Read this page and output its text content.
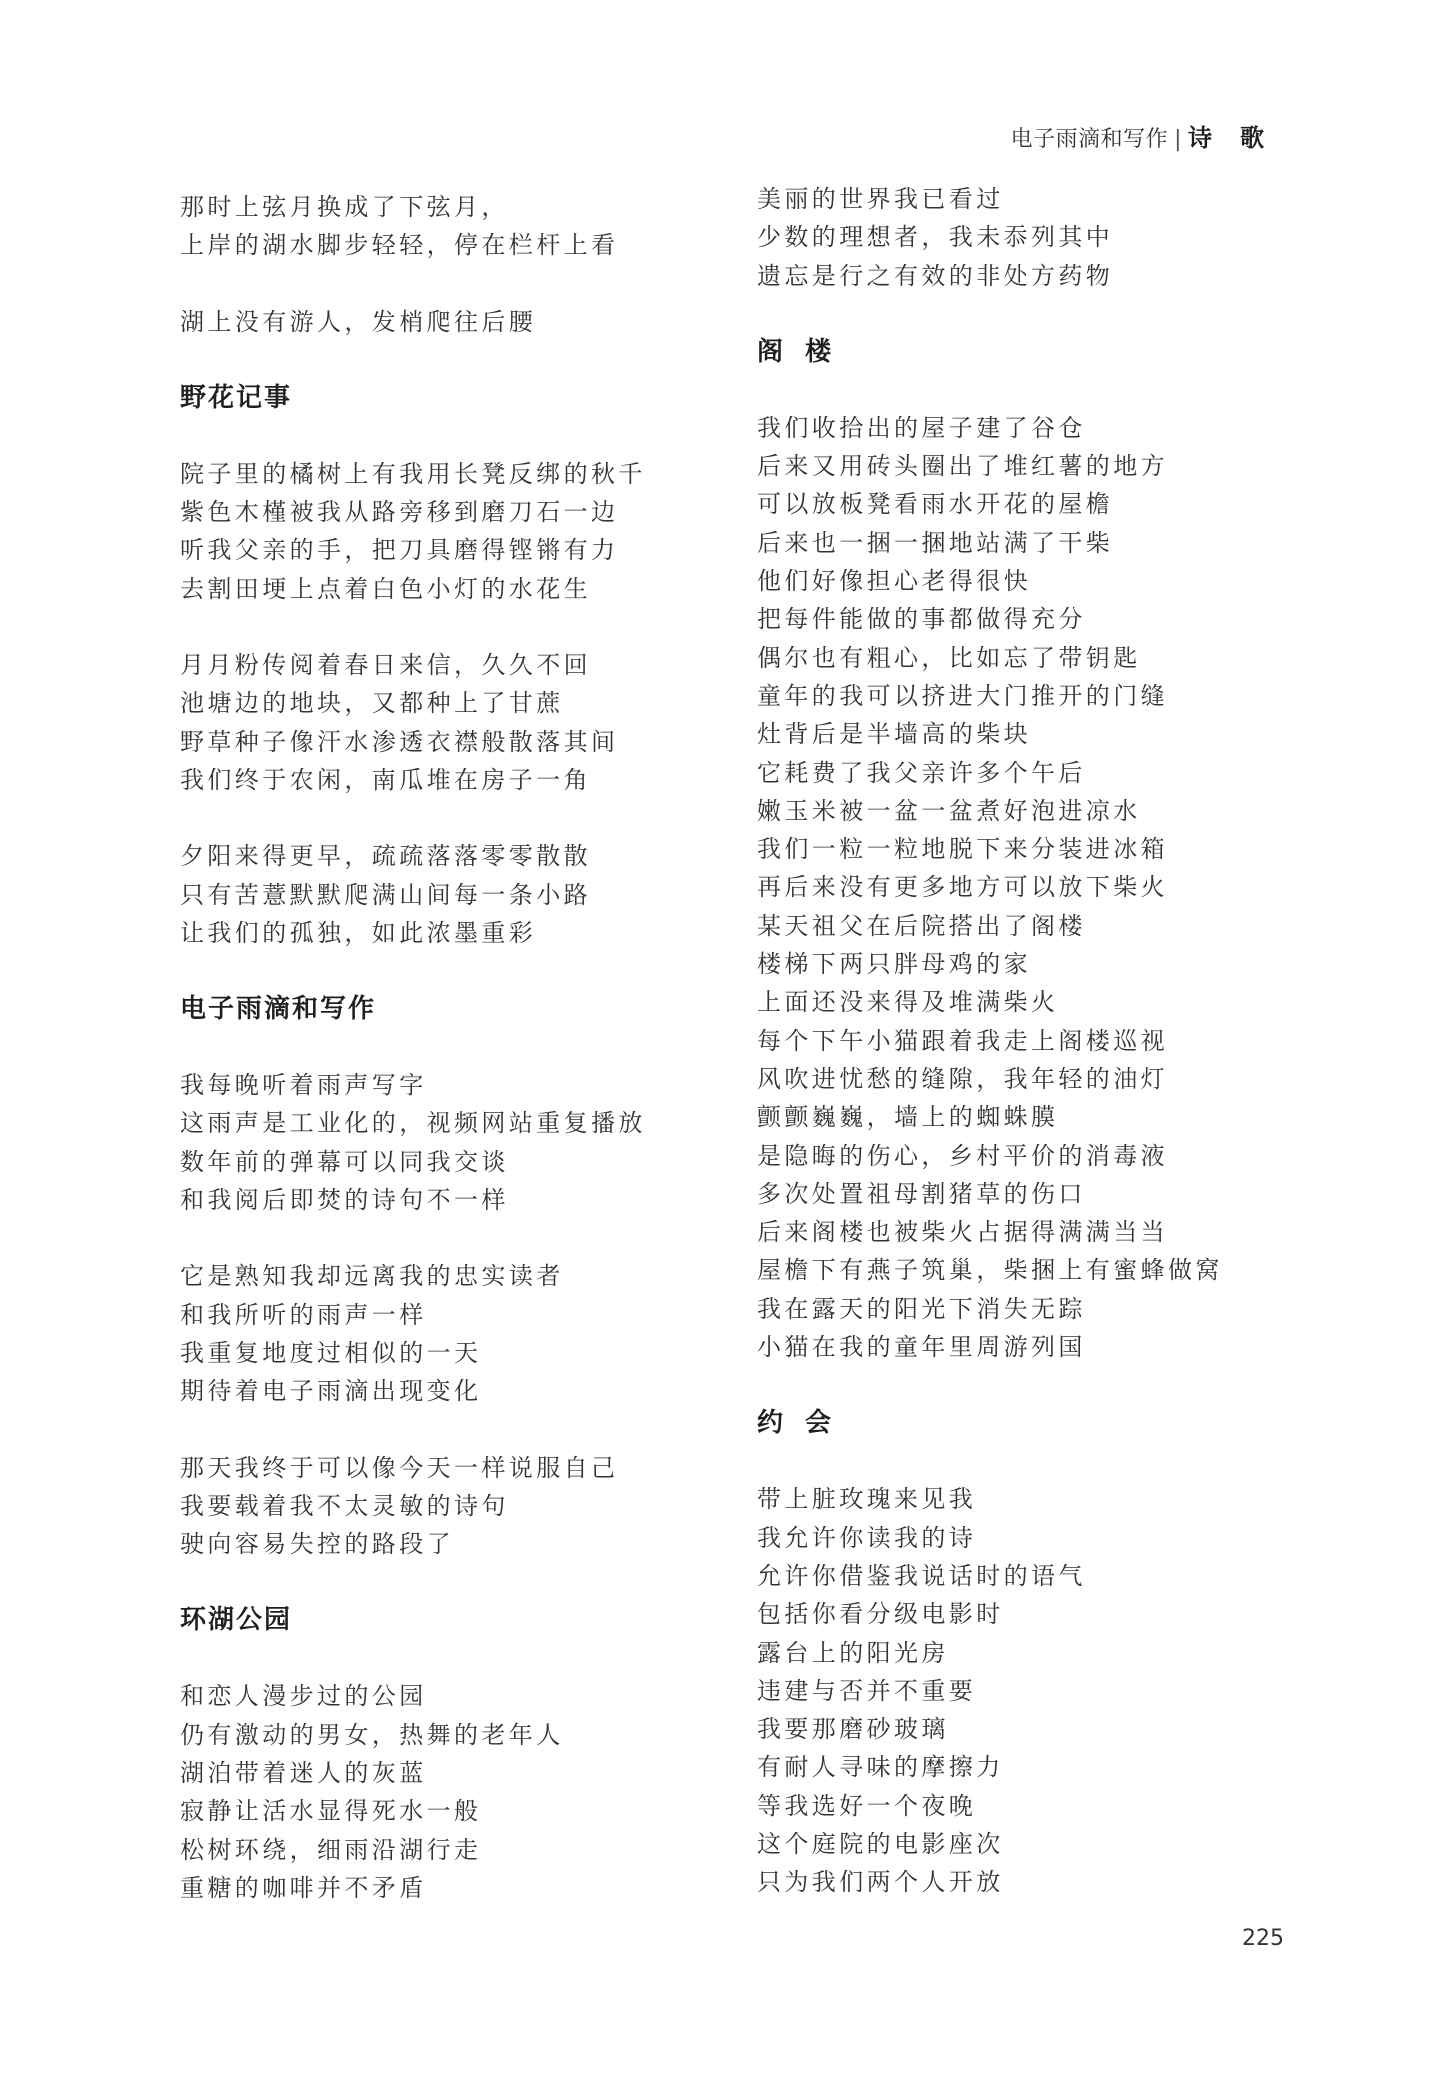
电子雨滴和写作 | 诗歌
那时上弦月换成了下弦月，
上岸的湖水脚步轻轻，停在栏杆上看
湖上没有游人，发梢爬往后腰
野花记事
院子里的橘树上有我用长凳反绑的秋千
紫色木槿被我从路旁移到磨刀石一边
听我父亲的手，把刀具磨得铿锵有力
去割田埂上点着白色小灯的水花生
月月粉传阅着春日来信，久久不回
池塘边的地块，又都种上了甘蔗
野草种子像汗水渗透衣襟般散落其间
我们终于农闲，南瓜堆在房子一角
夕阳来得更早，疏疏落落零零散散
只有苦薏默默爬满山间每一条小路
让我们的孤独，如此浓墨重彩
电子雨滴和写作
我每晚听着雨声写字
这雨声是工业化的，视频网站重复播放
数年前的弹幕可以同我交谈
和我阅后即焚的诗句不一样
它是熟知我却远离我的忠实读者
和我所听的雨声一样
我重复地度过相似的一天
期待着电子雨滴出现变化
那天我终于可以像今天一样说服自己
我要载着我不太灵敏的诗句
驶向容易失控的路段了
环湖公园
和恋人漫步过的公园
仍有激动的男女，热舞的老年人
湖泊带着迷人的灰蓝
寂静让活水显得死水一般
松树环绕，细雨沿湖行走
重糖的咖啡并不矛盾
美丽的世界我已看过
少数的理想者，我未忝列其中
遗忘是行之有效的非处方药物
阁楼
我们收拾出的屋子建了谷仓
后来又用砖头圈出了堆红薯的地方
可以放板凳看雨水开花的屋檐
后来也一捆一捆地站满了干柴
他们好像担心老得很快
把每件能做的事都做得充分
偶尔也有粗心，比如忘了带钥匙
童年的我可以挤进大门推开的门缝
灶背后是半墙高的柴块
它耗费了我父亲许多个午后
嫩玉米被一盆一盆煮好泡进凉水
我们一粒一粒地脱下来分装进冰箱
再后来没有更多地方可以放下柴火
某天祖父在后院搭出了阁楼
楼梯下两只胖母鸡的家
上面还没来得及堆满柴火
每个下午小猫跟着我走上阁楼巡视
风吹进忧愁的缝隙，我年轻的油灯
颤颤巍巍，墙上的蜘蛛膜
是隐晦的伤心，乡村平价的消毒液
多次处置祖母割猪草的伤口
后来阁楼也被柴火占据得满满当当
屋檐下有燕子筑巢，柴捆上有蜜蜂做窝
我在露天的阳光下消失无踪
小猫在我的童年里周游列国
约会
带上脏玫瑰来见我
我允许你读我的诗
允许你借鉴我说话时的语气
包括你看分级电影时
露台上的阳光房
违建与否并不重要
我要那磨砂玻璃
有耐人寻味的摩擦力
等我选好一个夜晚
这个庭院的电影座次
只为我们两个人开放
225
